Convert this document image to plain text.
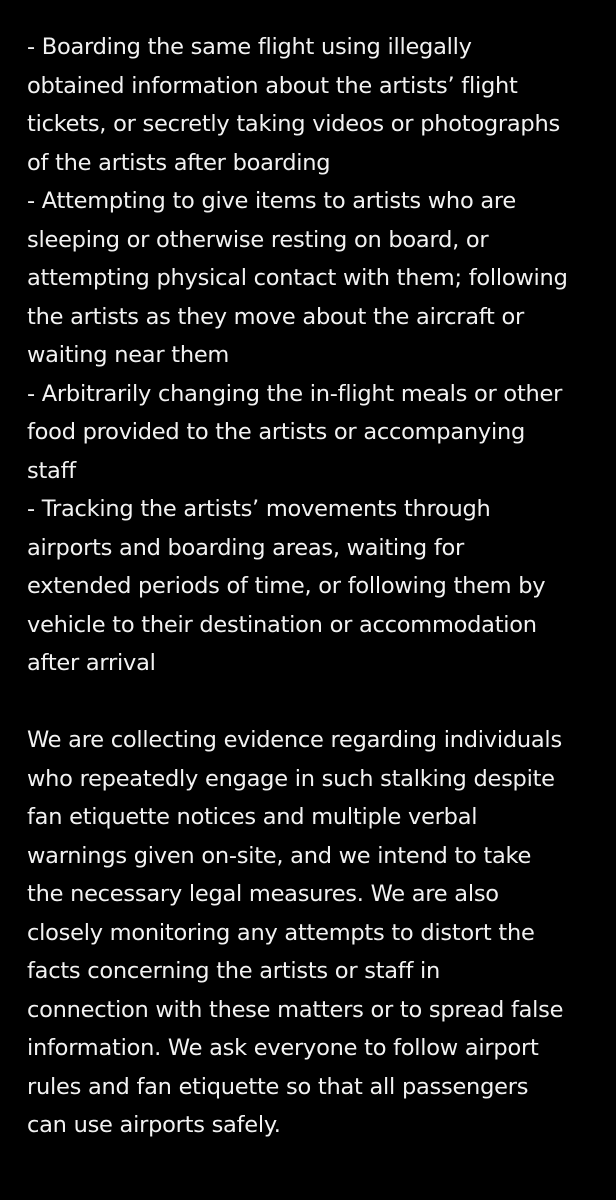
- Boarding the same flight using illegally
obtained information about the artists’ flight
tickets, or secretly taking videos or photographs
of the artists after boarding
- Attempting to give items to artists who are
sleeping or otherwise resting on board, or
attempting physical contact with them; following
the artists as they move about the aircraft or
waiting near them
- Arbitrarily changing the in-flight meals or other
food provided to the artists or accompanying
staff
- Tracking the artists’ movements through
airports and boarding areas, waiting for
extended periods of time, or following them by
vehicle to their destination or accommodation
after arrival
We are collecting evidence regarding individuals
who repeatedly engage in such stalking despite
fan etiquette notices and multiple verbal
warnings given on-site, and we intend to take
the necessary legal measures. We are also
closely monitoring any attempts to distort the
facts concerning the artists or staff in
connection with these matters or to spread false
information. We ask everyone to follow airport
rules and fan etiquette so that all passengers
can use airports safely.
